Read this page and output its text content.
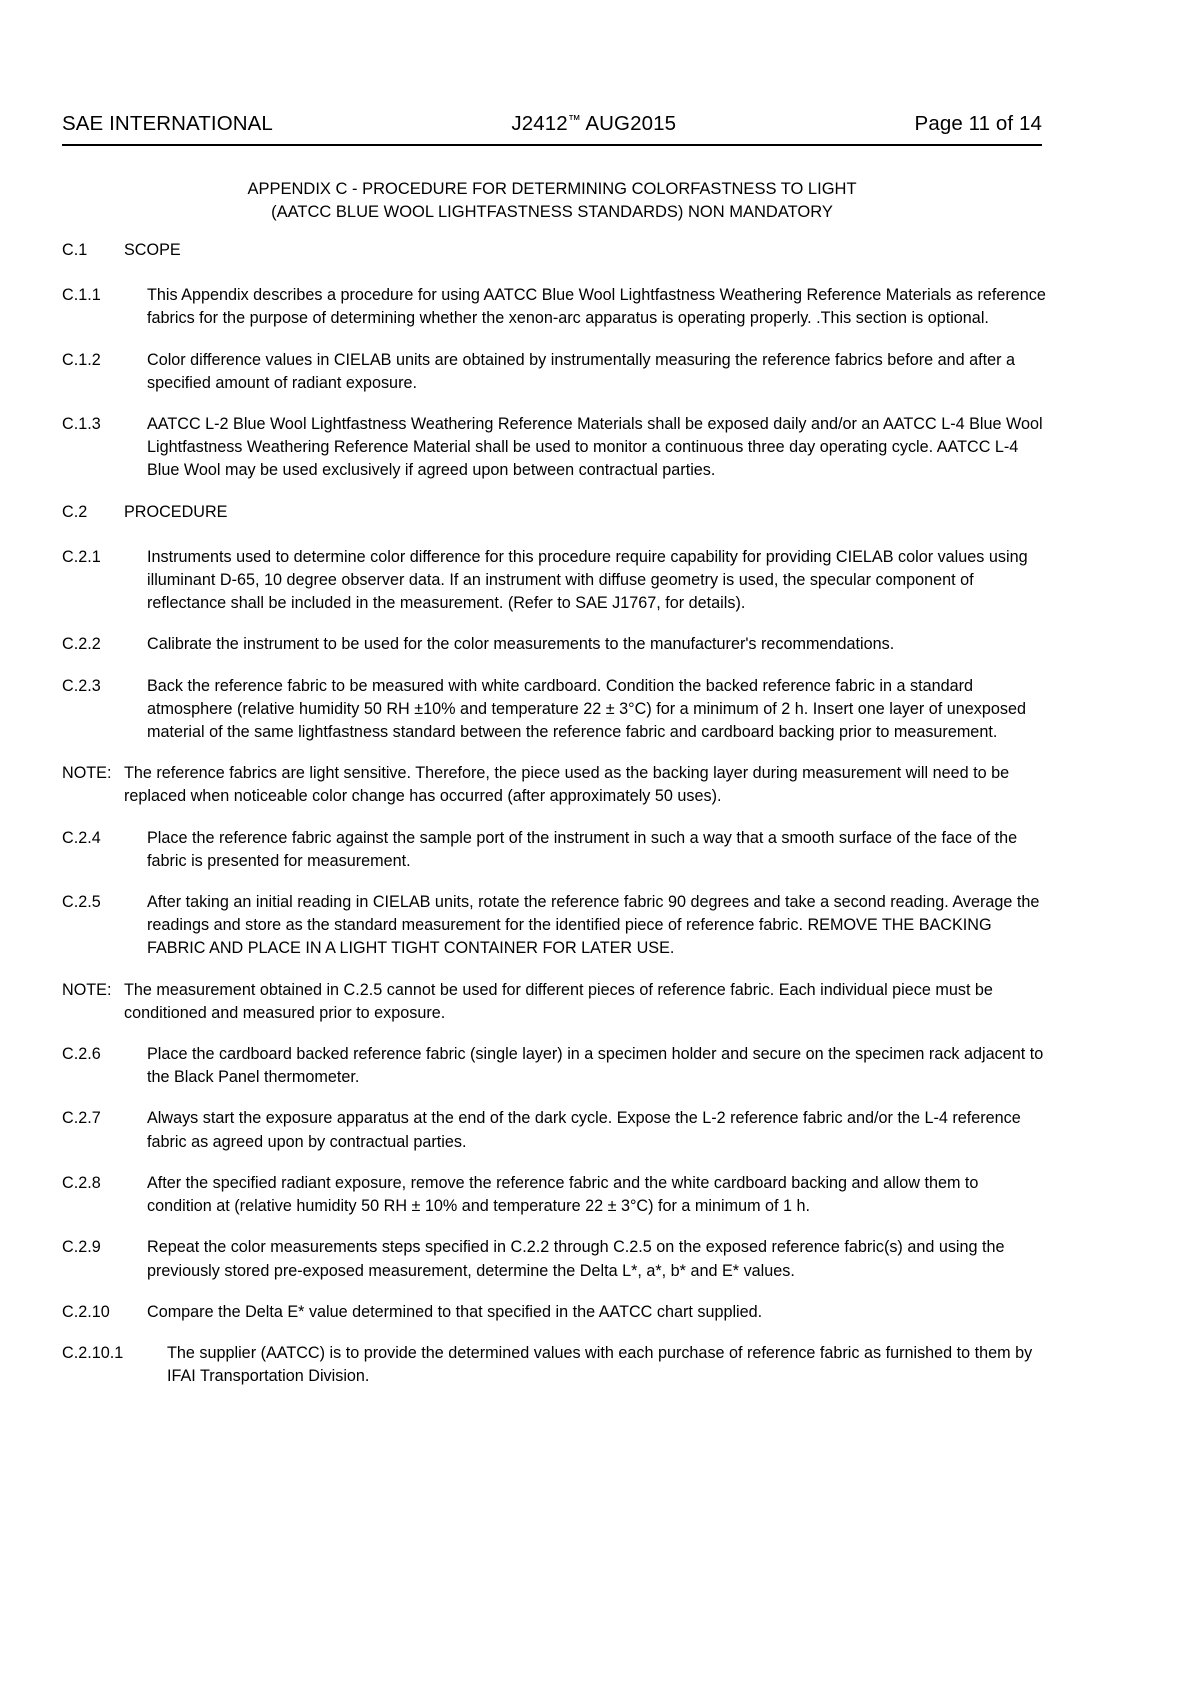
SAE INTERNATIONAL	J2412™ AUG2015	Page 11 of 14
APPENDIX C - PROCEDURE FOR DETERMINING COLORFASTNESS TO LIGHT
(AATCC BLUE WOOL LIGHTFASTNESS STANDARDS) NON MANDATORY
C.1	SCOPE
C.1.1	This Appendix describes a procedure for using AATCC Blue Wool Lightfastness Weathering Reference Materials as reference fabrics for the purpose of determining whether the xenon-arc apparatus is operating properly. .This section is optional.
C.1.2	Color difference values in CIELAB units are obtained by instrumentally measuring the reference fabrics before and after a specified amount of radiant exposure.
C.1.3	AATCC L-2 Blue Wool Lightfastness Weathering Reference Materials shall be exposed daily and/or an AATCC L-4 Blue Wool Lightfastness Weathering Reference Material shall be used to monitor a continuous three day operating cycle. AATCC L-4 Blue Wool may be used exclusively if agreed upon between contractual parties.
C.2	PROCEDURE
C.2.1	Instruments used to determine color difference for this procedure require capability for providing CIELAB color values using illuminant D-65, 10 degree observer data. If an instrument with diffuse geometry is used, the specular component of reflectance shall be included in the measurement. (Refer to SAE J1767, for details).
C.2.2	Calibrate the instrument to be used for the color measurements to the manufacturer's recommendations.
C.2.3	Back the reference fabric to be measured with white cardboard. Condition the backed reference fabric in a standard atmosphere (relative humidity 50 RH ±10% and temperature 22 ± 3°C) for a minimum of 2 h. Insert one layer of unexposed material of the same lightfastness standard between the reference fabric and cardboard backing prior to measurement.
NOTE: The reference fabrics are light sensitive. Therefore, the piece used as the backing layer during measurement will need to be replaced when noticeable color change has occurred (after approximately 50 uses).
C.2.4	Place the reference fabric against the sample port of the instrument in such a way that a smooth surface of the face of the fabric is presented for measurement.
C.2.5	After taking an initial reading in CIELAB units, rotate the reference fabric 90 degrees and take a second reading. Average the readings and store as the standard measurement for the identified piece of reference fabric. REMOVE THE BACKING FABRIC AND PLACE IN A LIGHT TIGHT CONTAINER FOR LATER USE.
NOTE: The measurement obtained in C.2.5 cannot be used for different pieces of reference fabric. Each individual piece must be conditioned and measured prior to exposure.
C.2.6	Place the cardboard backed reference fabric (single layer) in a specimen holder and secure on the specimen rack adjacent to the Black Panel thermometer.
C.2.7	Always start the exposure apparatus at the end of the dark cycle. Expose the L-2 reference fabric and/or the L-4 reference fabric as agreed upon by contractual parties.
C.2.8	After the specified radiant exposure, remove the reference fabric and the white cardboard backing and allow them to condition at (relative humidity 50 RH ± 10% and temperature 22 ± 3°C) for a minimum of 1 h.
C.2.9	Repeat the color measurements steps specified in C.2.2 through C.2.5 on the exposed reference fabric(s) and using the previously stored pre-exposed measurement, determine the Delta L*, a*, b* and E* values.
C.2.10	Compare the Delta E* value determined to that specified in the AATCC chart supplied.
C.2.10.1	The supplier (AATCC) is to provide the determined values with each purchase of reference fabric as furnished to them by IFAI Transportation Division.
